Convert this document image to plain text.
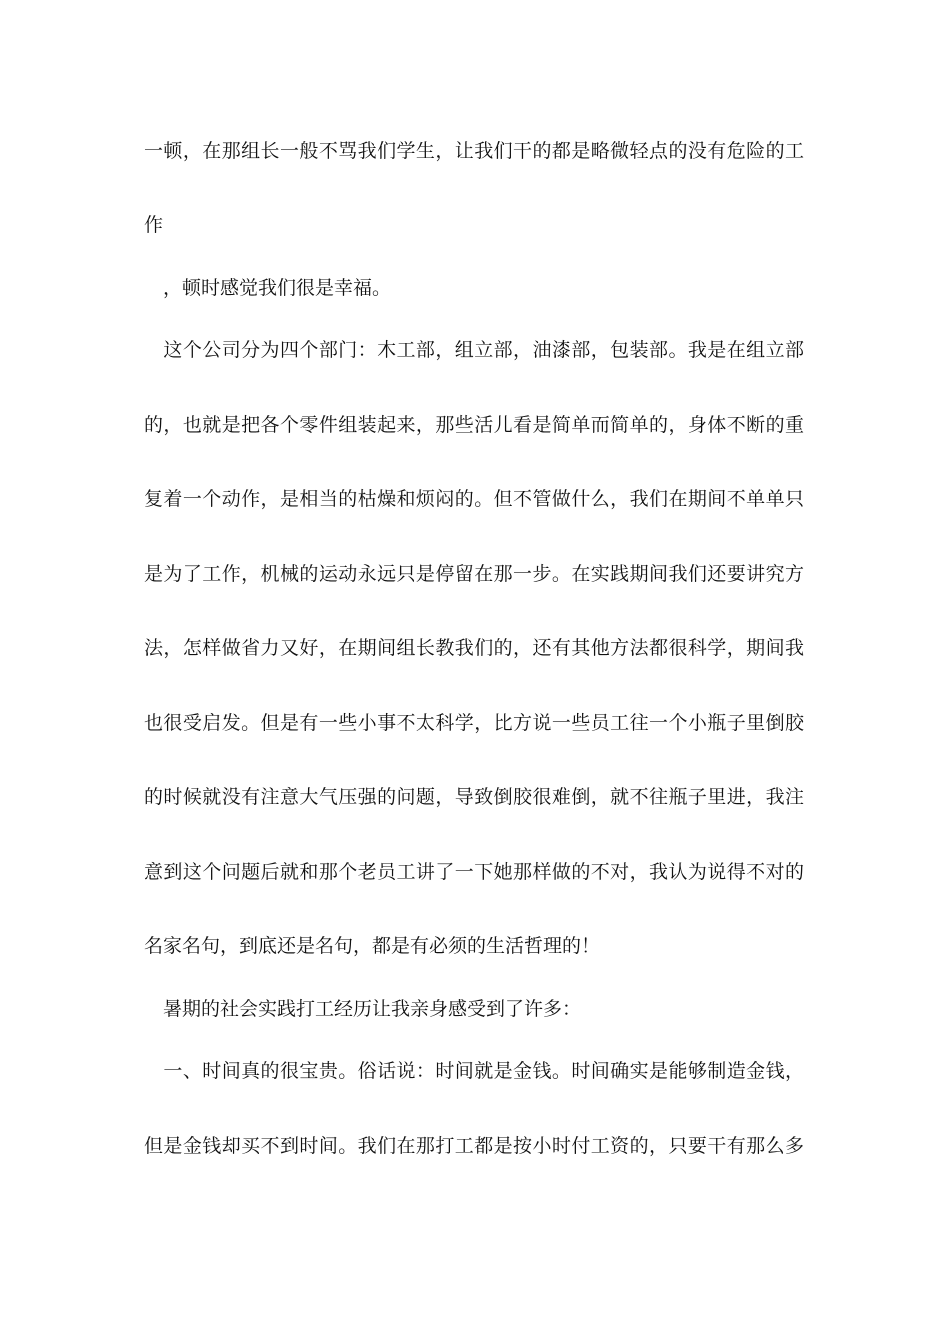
一顿，在那组长一般不骂我们学生，让我们干的都是略微轻点的没有危险的工
作
　，顿时感觉我们很是幸福。
　这个公司分为四个部门：木工部，组立部，油漆部，包装部。我是在组立部
的，也就是把各个零件组装起来，那些活儿看是简单而简单的，身体不断的重
复着一个动作，是相当的枯燥和烦闷的。但不管做什么，我们在期间不单单只
是为了工作，机械的运动永远只是停留在那一步。在实践期间我们还要讲究方
法，怎样做省力又好，在期间组长教我们的，还有其他方法都很科学，期间我
也很受启发。但是有一些小事不太科学，比方说一些员工往一个小瓶子里倒胶
的时候就没有注意大气压强的问题，导致倒胶很难倒，就不往瓶子里进，我注
意到这个问题后就和那个老员工讲了一下她那样做的不对，我认为说得不对的
名家名句，到底还是名句，都是有必须的生活哲理的！
　暑期的社会实践打工经历让我亲身感受到了许多：
　一、时间真的很宝贵。俗话说：时间就是金钱。时间确实是能够制造金钱，
但是金钱却买不到时间。我们在那打工都是按小时付工资的，只要干有那么多
